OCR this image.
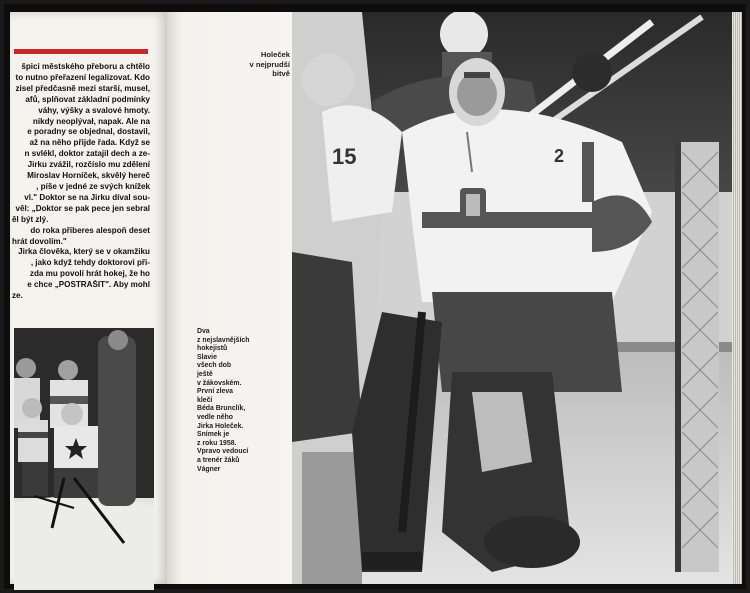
špici městského přeboru a chtělo
to nutno přeřazení legalizovat. Kdo
zisel předčasně mezi starší, musel,
afů, splňovat základní podmínky
váhy, výšky a svalové hmoty.
nikdy neoplývał, napak. Ale na
e poradny se objednal, dostavil,
až na něho přijde řada. Když se
n svlékl, doktor zatajil dech a ze-
Jirku zvážil, rozčíslo mu zdělení
Miroslav Horníček, skvělý hereč
, píše v jedné ze svých knížek
vl." Doktor se na Jirku díval sou-
věl: „Doktor se pak pece jen sebral
ěl být zlý.
do roka přiberes alespoň deset
hrát dovolím."
Jirka člověka, který se v okamžiku
, jako když tehdy doktorovi při-
zda mu povolí hrát hokej, že ho
e chce „POSTRAŠIT". Aby mohl
ze.
Holeček
v nejprudší
bitvě
Dva
z nejslavnějších
hokejistů
Slavie
všech dob
ještě
v žákovském.
První zleva
klečí
Béda Brunclík,
vedle něho
Jirka Holeček.
Snímek je
z roku 1958.
Vpravo vedoucí
a trenér žáků
Vágner
15	2
